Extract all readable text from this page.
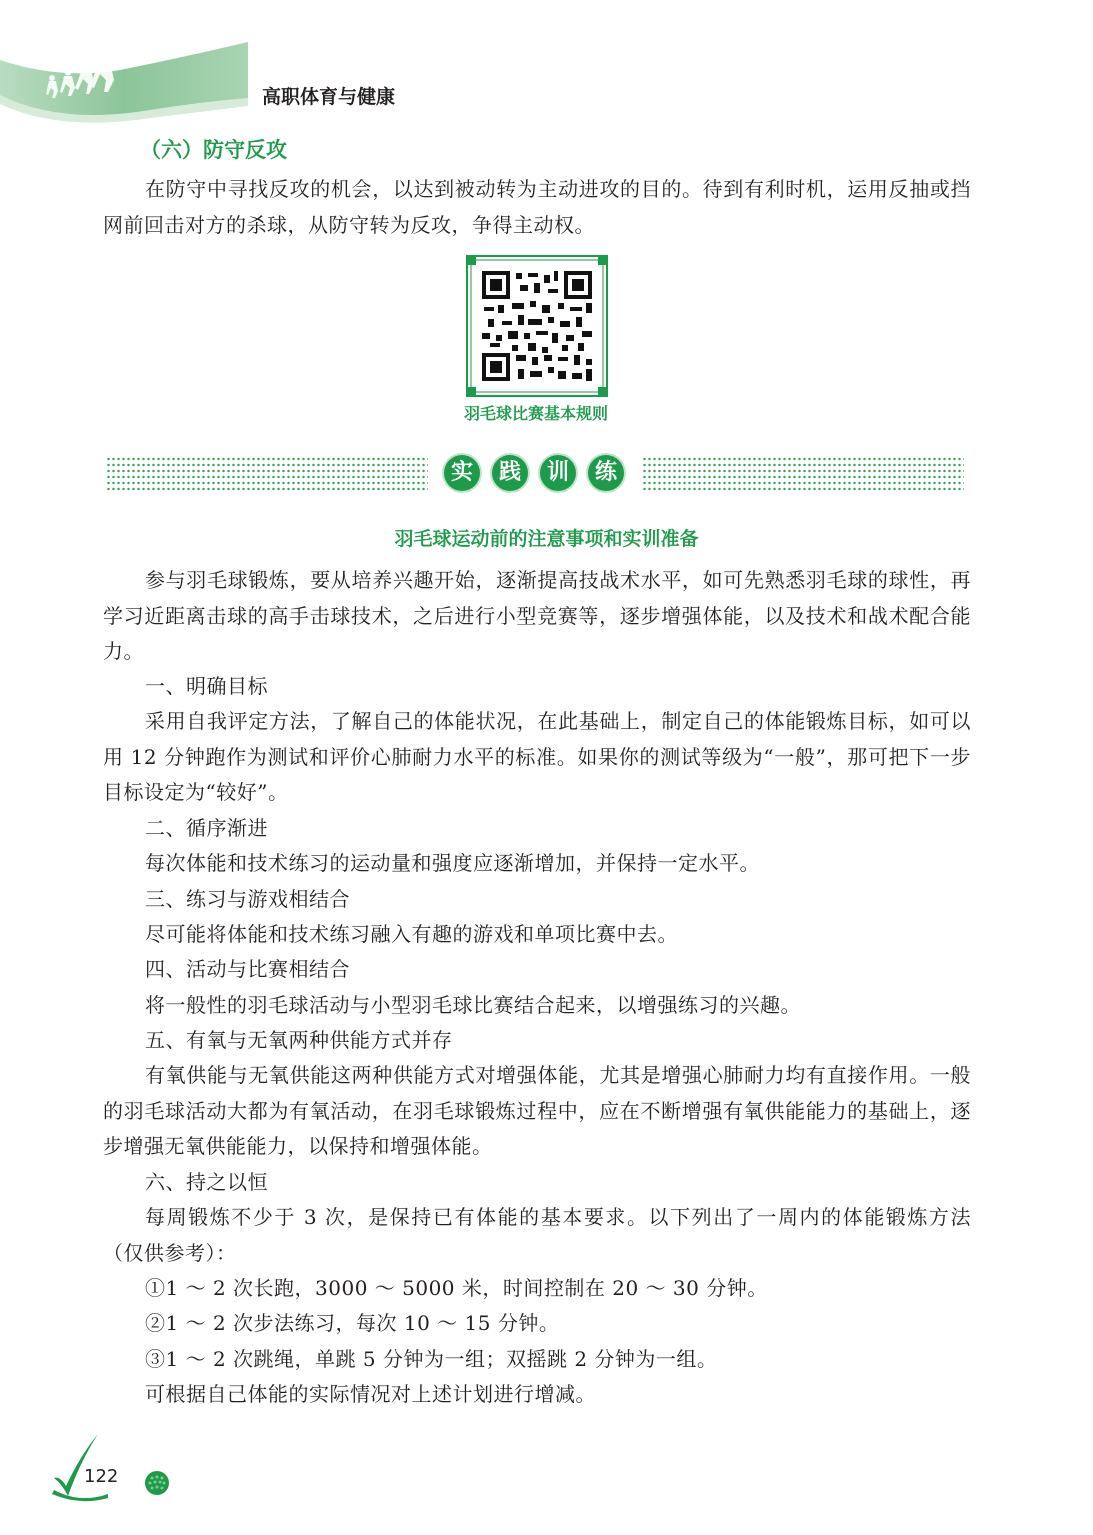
高职体育与健康
（六）防守反攻
在防守中寻找反攻的机会，以达到被动转为主动进攻的目的。待到有利时机，运用反抽或挡网前回击对方的杀球，从防守转为反攻，争得主动权。
羽毛球比赛基本规则
实	践	训	练
羽毛球运动前的注意事项和实训准备
参与羽毛球锻炼，要从培养兴趣开始，逐渐提高技战术水平，如可先熟悉羽毛球的球性，再学习近距离击球的高手击球技术，之后进行小型竞赛等，逐步增强体能，以及技术和战术配合能力。
一、明确目标
采用自我评定方法，了解自己的体能状况，在此基础上，制定自己的体能锻炼目标，如可以用 12 分钟跑作为测试和评价心肺耐力水平的标准。如果你的测试等级为“一般”，那可把下一步目标设定为“较好”。
二、循序渐进
每次体能和技术练习的运动量和强度应逐渐增加，并保持一定水平。
三、练习与游戏相结合
尽可能将体能和技术练习融入有趣的游戏和单项比赛中去。
四、活动与比赛相结合
将一般性的羽毛球活动与小型羽毛球比赛结合起来，以增强练习的兴趣。
五、有氧与无氧两种供能方式并存
有氧供能与无氧供能这两种供能方式对增强体能，尤其是增强心肺耐力均有直接作用。一般的羽毛球活动大都为有氧活动，在羽毛球锻炼过程中，应在不断增强有氧供能能力的基础上，逐步增强无氧供能能力，以保持和增强体能。
六、持之以恒
每周锻炼不少于 3 次，是保持已有体能的基本要求。以下列出了一周内的体能锻炼方法（仅供参考）：
①1 ～ 2 次长跑，3000 ～ 5000 米，时间控制在 20 ～ 30 分钟。
②1 ～ 2 次步法练习，每次 10 ～ 15 分钟。
③1 ～ 2 次跳绳，单跳 5 分钟为一组；双摇跳 2 分钟为一组。
可根据自己体能的实际情况对上述计划进行增减。
122
